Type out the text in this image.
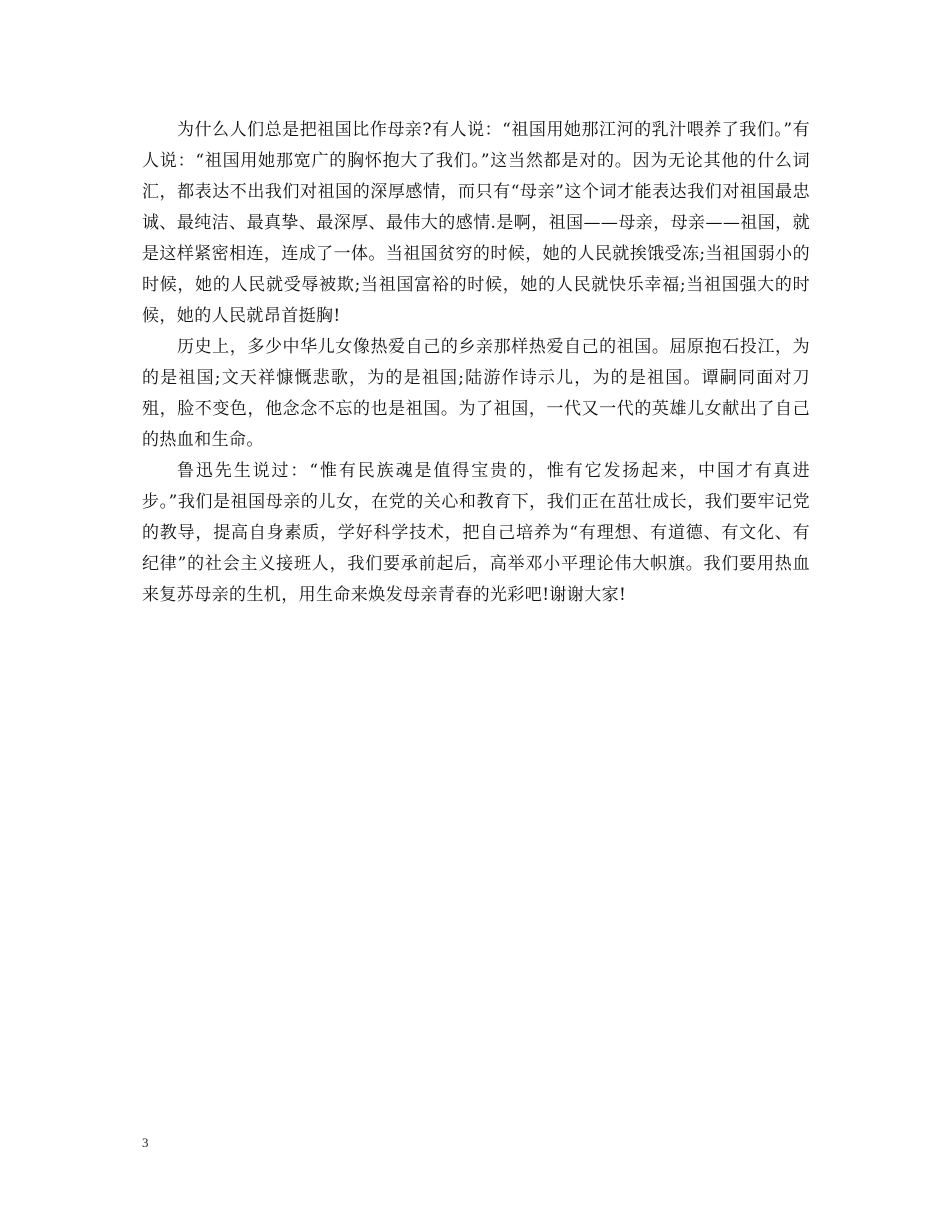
为什么人们总是把祖国比作母亲?有人说：“祖国用她那江河的乳汁喂养了我们。”有人说：“祖国用她那宽广的胸怀抱大了我们。”这当然都是对的。因为无论其他的什么词汇，都表达不出我们对祖国的深厚感情，而只有“母亲”这个词才能表达我们对祖国最忠诚、最纯洁、最真挚、最深厚、最伟大的感情.是啊，祖国——母亲，母亲——祖国，就是这样紧密相连，连成了一体。当祖国贫穷的时候，她的人民就挨饿受冻;当祖国弱小的时候，她的人民就受辱被欺;当祖国富裕的时候，她的人民就快乐幸福;当祖国强大的时候，她的人民就昂首挺胸!

历史上，多少中华儿女像热爱自己的乡亲那样热爱自己的祖国。屈原抱石投江，为的是祖国;文天祥慷慨悲歌，为的是祖国;陆游作诗示儿，为的是祖国。谭嗣同面对刀殂，脸不变色，他念念不忘的也是祖国。为了祖国，一代又一代的英雄儿女献出了自己的热血和生命。

鲁迅先生说过：“惟有民族魂是值得宝贵的，惟有它发扬起来，中国才有真进步。”我们是祖国母亲的儿女，在党的关心和教育下，我们正在茁壮成长，我们要牢记党的教导，提高自身素质，学好科学技术，把自己培养为“有理想、有道德、有文化、有纪律”的社会主义接班人，我们要承前起后，高举邓小平理论伟大帜旗。我们要用热血来复苏母亲的生机，用生命来焕发母亲青春的光彩吧!谢谢大家!

3
